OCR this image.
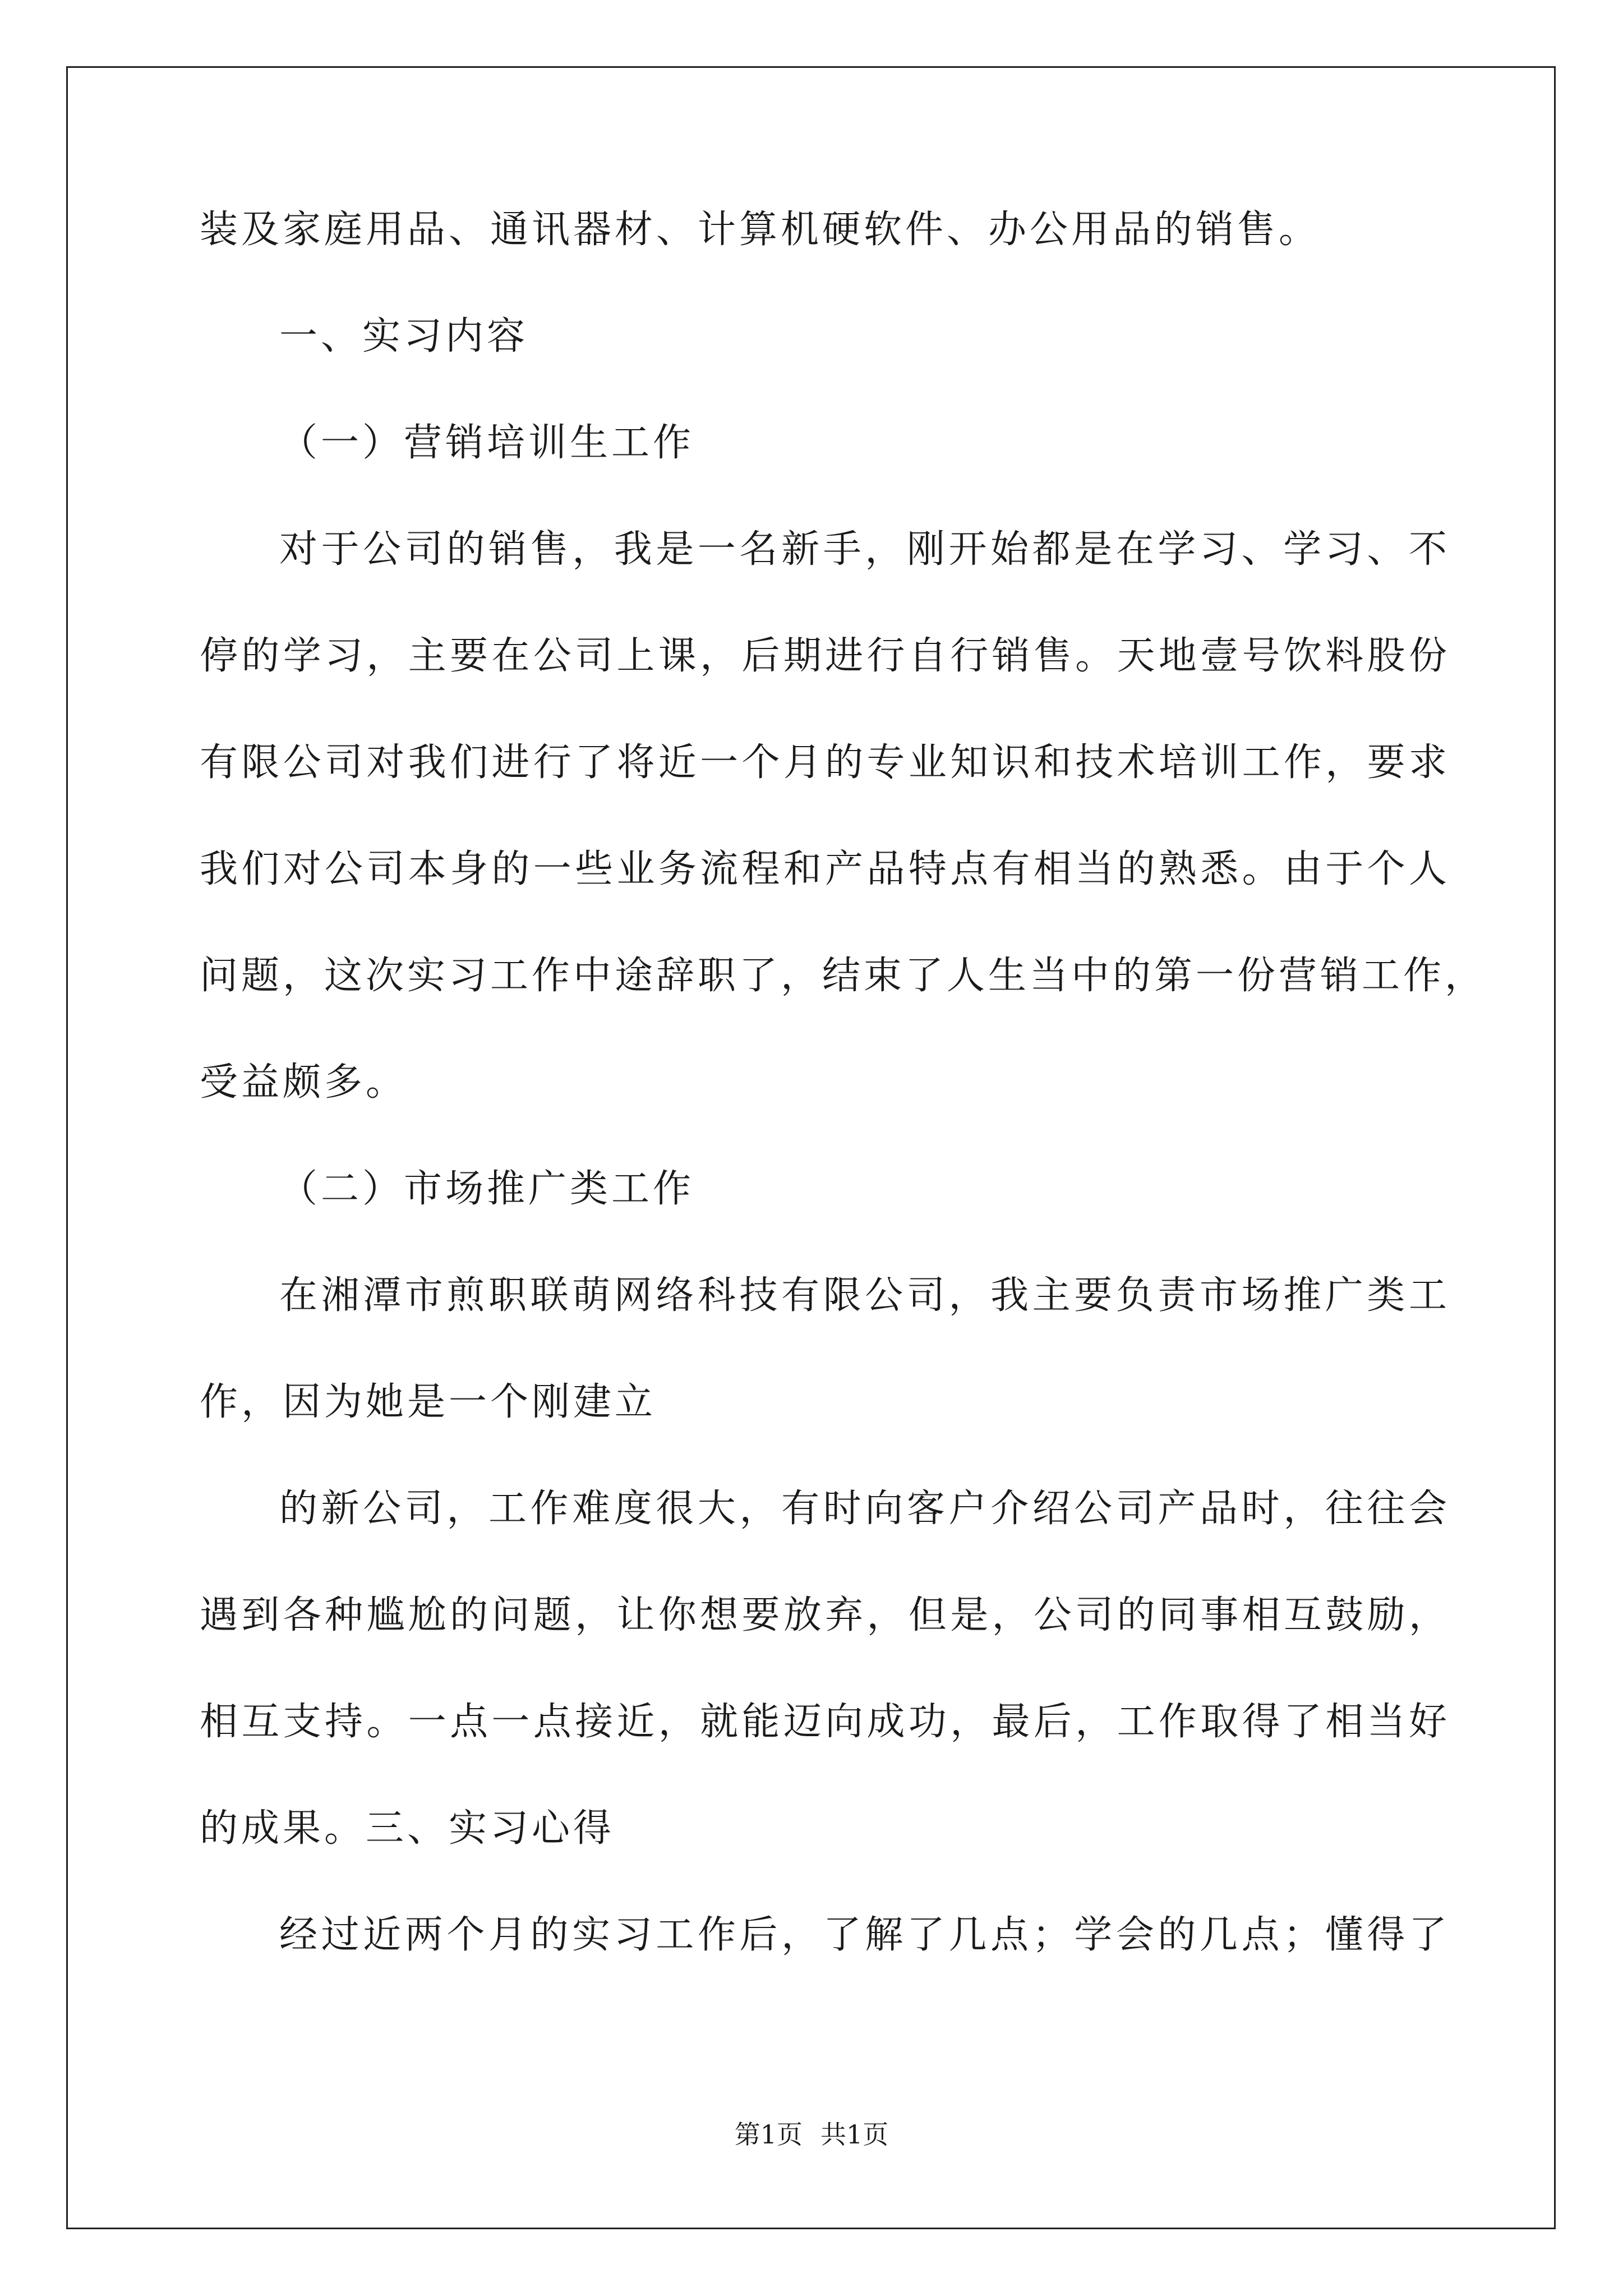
装及家庭用品、通讯器材、计算机硬软件、办公用品的销售。
一、实习内容
（一）营销培训生工作
对于公司的销售，我是一名新手，刚开始都是在学习、学习、不
停的学习，主要在公司上课，后期进行自行销售。天地壹号饮料股份
有限公司对我们进行了将近一个月的专业知识和技术培训工作，要求
我们对公司本身的一些业务流程和产品特点有相当的熟悉。由于个人
问题，这次实习工作中途辞职了，结束了人生当中的第一份营销工作，
受益颇多。
（二）市场推广类工作
在湘潭市煎职联萌网络科技有限公司，我主要负责市场推广类工
作，因为她是一个刚建立
的新公司，工作难度很大，有时向客户介绍公司产品时，往往会
遇到各种尴尬的问题，让你想要放弃，但是，公司的同事相互鼓励，
相互支持。一点一点接近，就能迈向成功，最后，工作取得了相当好
的成果。三、实习心得
经过近两个月的实习工作后，了解了几点；学会的几点；懂得了
第1页 共1页
